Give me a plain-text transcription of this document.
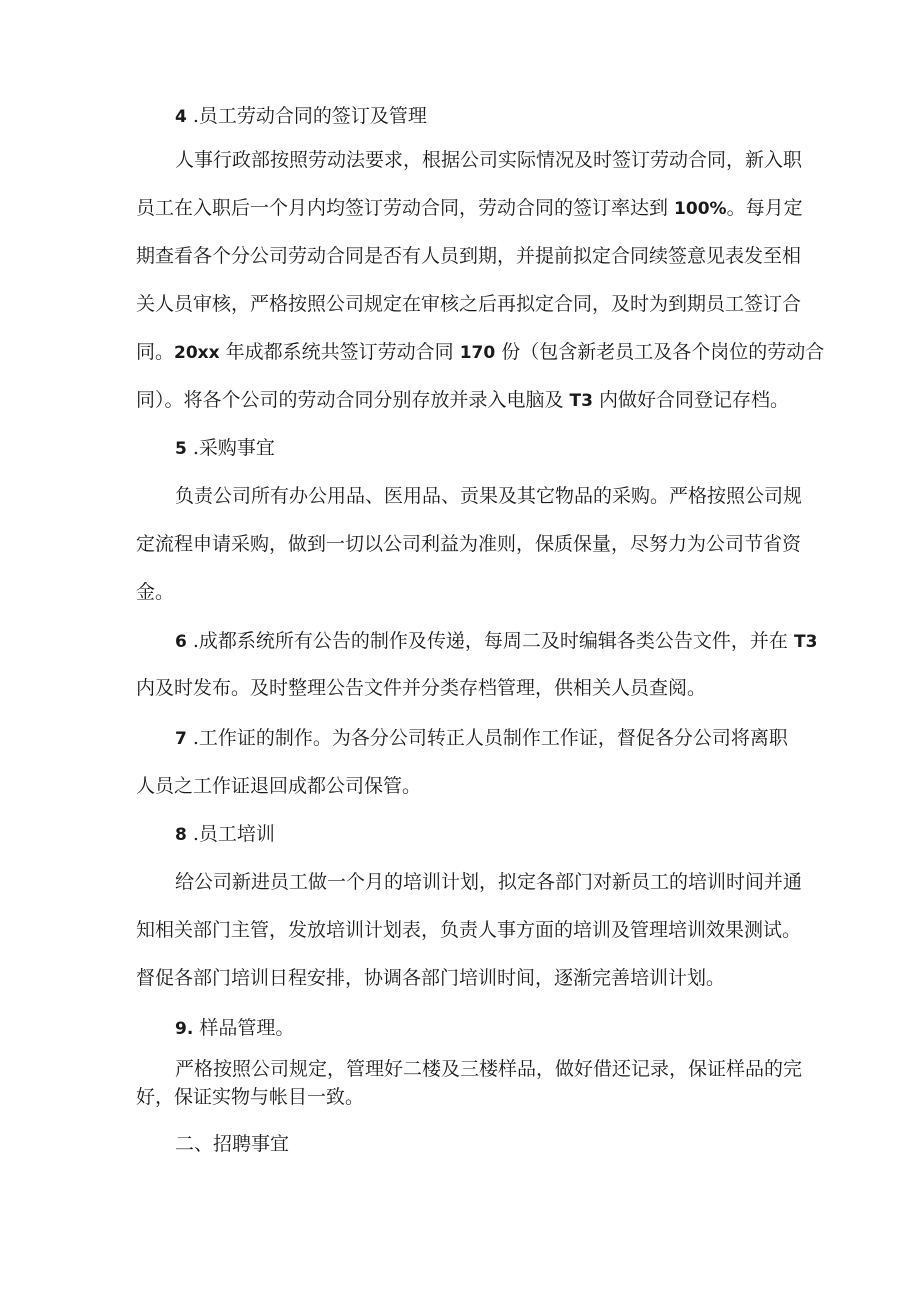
4 .员工劳动合同的签订及管理
人事行政部按照劳动法要求，根据公司实际情况及时签订劳动合同，新入职
员工在入职后一个月内均签订劳动合同，劳动合同的签订率达到 100%。每月定
期查看各个分公司劳动合同是否有人员到期，并提前拟定合同续签意见表发至相
关人员审核，严格按照公司规定在审核之后再拟定合同，及时为到期员工签订合
同。20xx 年成都系统共签订劳动合同 170 份（包含新老员工及各个岗位的劳动合
同）。将各个公司的劳动合同分别存放并录入电脑及 T3 内做好合同登记存档。
5 .采购事宜
负责公司所有办公用品、医用品、贡果及其它物品的采购。严格按照公司规
定流程申请采购，做到一切以公司利益为准则，保质保量，尽努力为公司节省资
金。
6 .成都系统所有公告的制作及传递，每周二及时编辑各类公告文件，并在 T3
内及时发布。及时整理公告文件并分类存档管理，供相关人员查阅。
7 .工作证的制作。为各分公司转正人员制作工作证，督促各分公司将离职
人员之工作证退回成都公司保管。
8 .员工培训
给公司新进员工做一个月的培训计划，拟定各部门对新员工的培训时间并通
知相关部门主管，发放培训计划表，负责人事方面的培训及管理培训效果测试。
督促各部门培训日程安排，协调各部门培训时间，逐渐完善培训计划。
9. 样品管理。
严格按照公司规定，管理好二楼及三楼样品，做好借还记录，保证样品的完
好，保证实物与帐目一致。
二、招聘事宜
